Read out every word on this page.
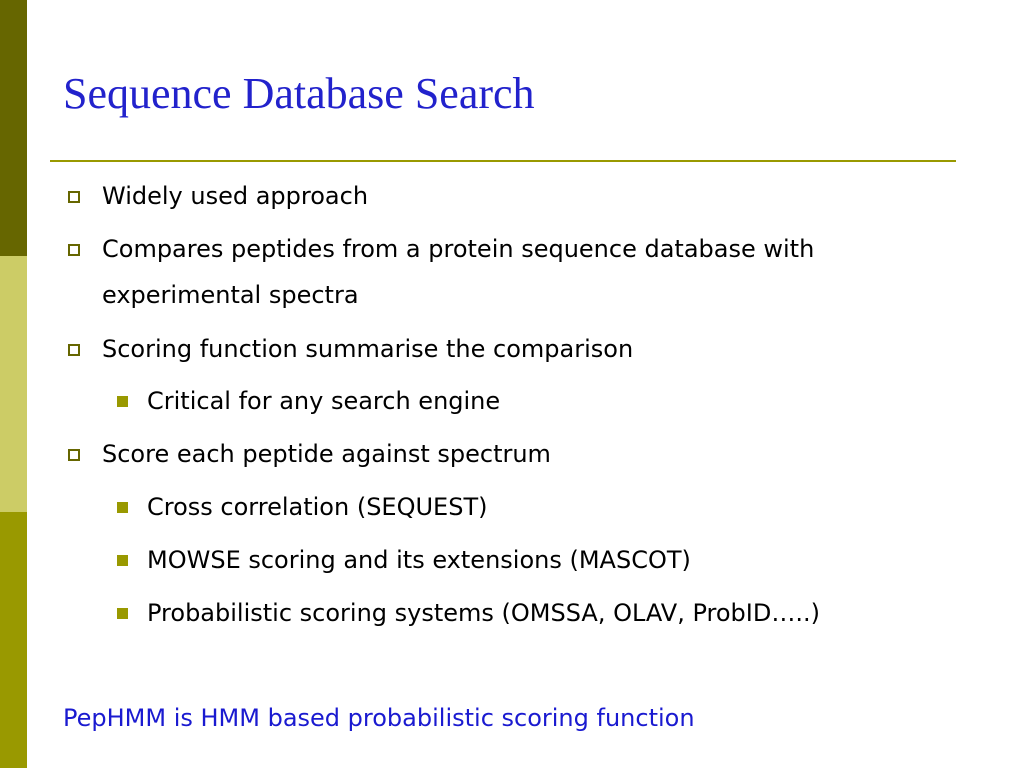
Sequence Database Search
Widely used approach
Compares peptides from a protein sequence database with
experimental spectra
Scoring function summarise the comparison
Critical for any search engine
Score each peptide against spectrum
Cross correlation (SEQUEST)
MOWSE scoring and its extensions (MASCOT)
Probabilistic scoring systems (OMSSA, OLAV, ProbID…..)
PepHMM is HMM based probabilistic scoring function
